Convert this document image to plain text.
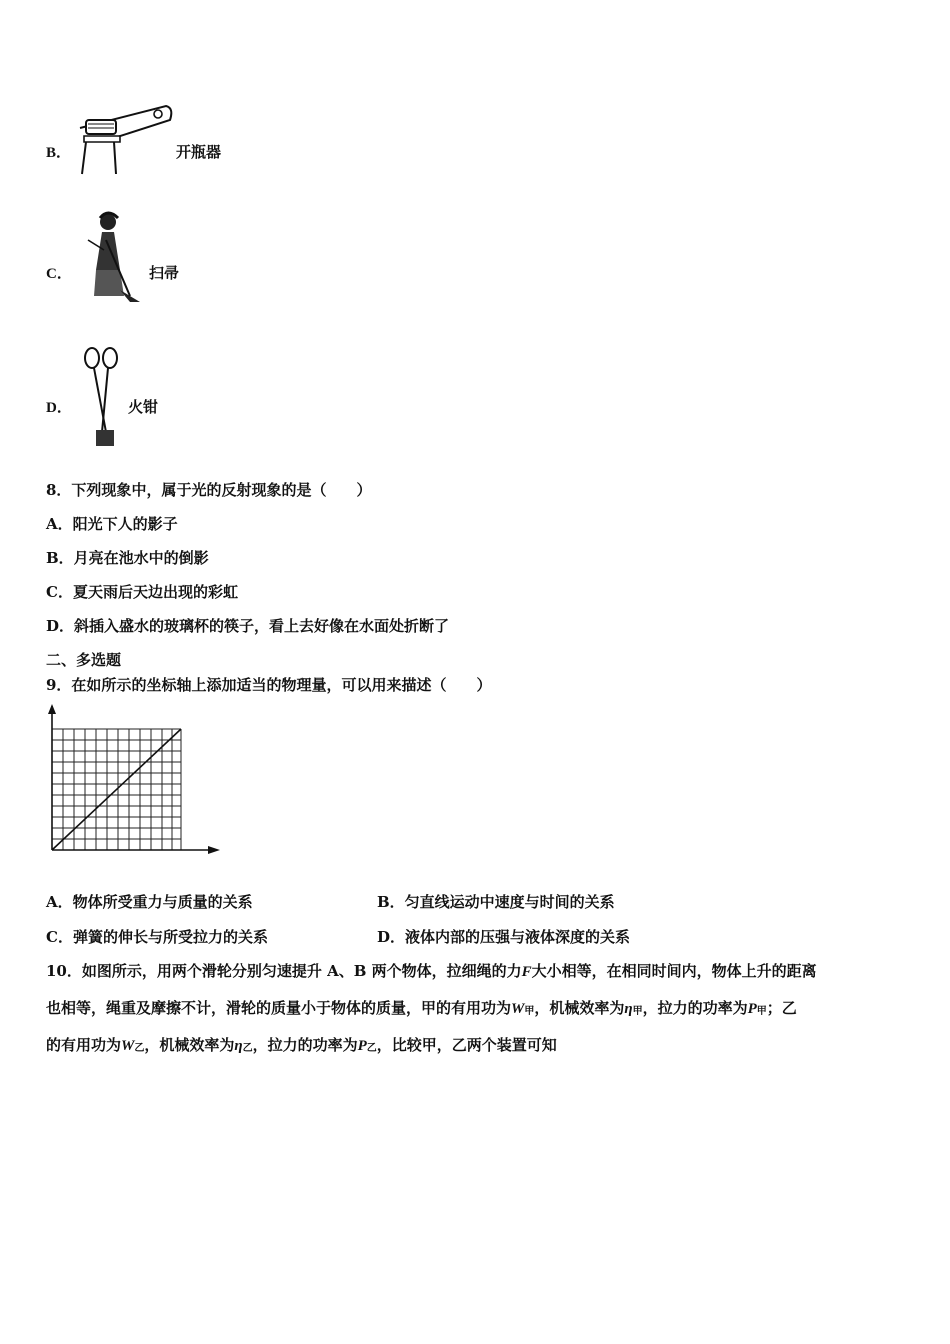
B．	开瓶器
C．	扫帚
D．	火钳
8．下列现象中，属于光的反射现象的是（　　）
A．阳光下人的影子
B．月亮在池水中的倒影
C．夏天雨后天边出现的彩虹
D．斜插入盛水的玻璃杯的筷子，看上去好像在水面处折断了
二、多选题
9．在如所示的坐标轴上添加适当的物理量，可以用来描述（　　）
A．物体所受重力与质量的关系	B．匀直线运动中速度与时间的关系
C．弹簧的伸长与所受拉力的关系	D．液体内部的压强与液体深度的关系
10．如图所示，用两个滑轮分别匀速提升 A、B 两个物体，拉细绳的力F大小相等，在相同时间内，物体上升的距离
也相等，绳重及摩擦不计，滑轮的质量小于物体的质量，甲的有用功为W甲，机械效率为η甲，拉力的功率为P甲；乙
的有用功为W乙，机械效率为η乙，拉力的功率为P乙，比较甲，乙两个装置可知
